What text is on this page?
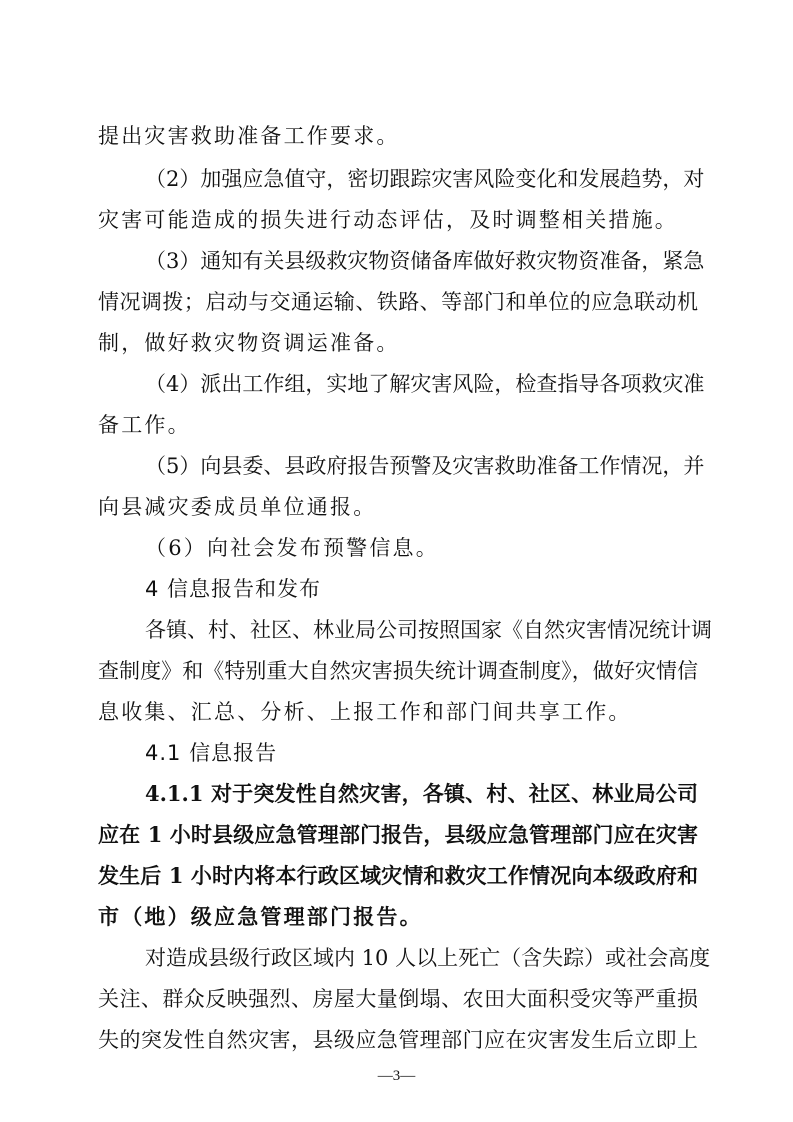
提出灾害救助准备工作要求。
（2）加强应急值守，密切跟踪灾害风险变化和发展趋势，对
灾害可能造成的损失进行动态评估，及时调整相关措施。
（3）通知有关县级救灾物资储备库做好救灾物资准备，紧急
情况调拨；启动与交通运输、铁路、等部门和单位的应急联动机
制，做好救灾物资调运准备。
（4）派出工作组，实地了解灾害风险，检查指导各项救灾准
备工作。
（5）向县委、县政府报告预警及灾害救助准备工作情况，并
向县减灾委成员单位通报。
（6）向社会发布预警信息。
4 信息报告和发布
各镇、村、社区、林业局公司按照国家《自然灾害情况统计调
查制度》和《特别重大自然灾害损失统计调查制度》，做好灾情信
息收集、汇总、分析、上报工作和部门间共享工作。
4.1 信息报告
4.1.1 对于突发性自然灾害，各镇、村、社区、林业局公司
应在 1 小时县级应急管理部门报告，县级应急管理部门应在灾害
发生后 1 小时内将本行政区域灾情和救灾工作情况向本级政府和
市（地）级应急管理部门报告。
对造成县级行政区域内 10 人以上死亡（含失踪）或社会高度
关注、群众反映强烈、房屋大量倒塌、农田大面积受灾等严重损
失的突发性自然灾害，县级应急管理部门应在灾害发生后立即上
—3—
